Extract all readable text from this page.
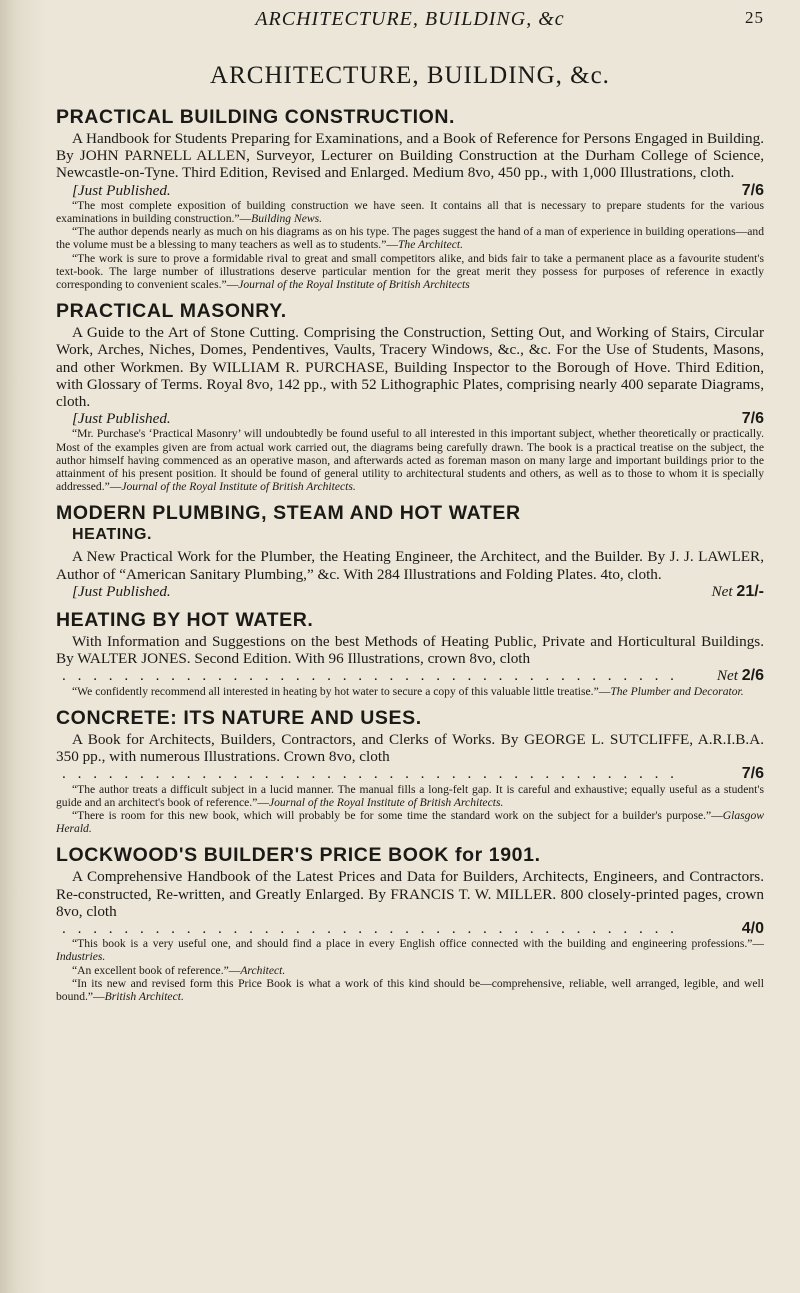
ARCHITECTURE, BUILDING, &c	25
ARCHITECTURE, BUILDING, &c.
PRACTICAL BUILDING CONSTRUCTION.

A Handbook for Students Preparing for Examinations, and a Book of Reference for Persons Engaged in Building. By JOHN PARNELL ALLEN, Surveyor, Lecturer on Building Construction at the Durham College of Science, Newcastle-on-Tyne. Third Edition, Revised and Enlarged. Medium 8vo, 450 pp., with 1,000 Illustrations, cloth.

[Just Published.	7/6

“The most complete exposition of building construction we have seen. It contains all that is necessary to prepare students for the various examinations in building construction.”—Building News.

“The author depends nearly as much on his diagrams as on his type. The pages suggest the hand of a man of experience in building operations—and the volume must be a blessing to many teachers as well as to students.”—The Architect.

“The work is sure to prove a formidable rival to great and small competitors alike, and bids fair to take a permanent place as a favourite student's text-book. The large number of illustrations deserve particular mention for the great merit they possess for purposes of reference in exactly corresponding to convenient scales.”—Journal of the Royal Institute of British Architects

PRACTICAL MASONRY.

A Guide to the Art of Stone Cutting. Comprising the Construction, Setting Out, and Working of Stairs, Circular Work, Arches, Niches, Domes, Pendentives, Vaults, Tracery Windows, &c., &c. For the Use of Students, Masons, and other Workmen. By WILLIAM R. PURCHASE, Building Inspector to the Borough of Hove. Third Edition, with Glossary of Terms. Royal 8vo, 142 pp., with 52 Lithographic Plates, comprising nearly 400 separate Diagrams, cloth.

[Just Published.	7/6

“Mr. Purchase's ‘Practical Masonry’ will undoubtedly be found useful to all interested in this important subject, whether theoretically or practically. Most of the examples given are from actual work carried out, the diagrams being carefully drawn. The book is a practical treatise on the subject, the author himself having commenced as an operative mason, and afterwards acted as foreman mason on many large and important buildings prior to the attainment of his present position. It should be found of general utility to architectural students and others, as well as to those to whom it is specially addressed.”—Journal of the Royal Institute of British Architects.

MODERN PLUMBING, STEAM AND HOT WATER
HEATING.

A New Practical Work for the Plumber, the Heating Engineer, the Architect, and the Builder. By J. J. LAWLER, Author of “American Sanitary Plumbing,” &c. With 284 Illustrations and Folding Plates. 4to, cloth.

[Just Published.	Net 21/-
HEATING BY HOT WATER.

With Information and Suggestions on the best Methods of Heating Public, Private and Horticultural Buildings. By WALTER JONES. Second Edition. With 96 Illustrations, crown 8vo, cloth

. . . . . . . . . . . . . . . . . . . . . . . . . . . . . . . . . . . . . . . .	Net 2/6

“We confidently recommend all interested in heating by hot water to secure a copy of this valuable little treatise.”—The Plumber and Decorator.

CONCRETE: ITS NATURE AND USES.

A Book for Architects, Builders, Contractors, and Clerks of Works. By GEORGE L. SUTCLIFFE, A.R.I.B.A. 350 pp., with numerous Illustrations. Crown 8vo, cloth

. . . . . . . . . . . . . . . . . . . . . . . . . . . . . . . . . . . . . . . .	7/6

“The author treats a difficult subject in a lucid manner. The manual fills a long-felt gap. It is careful and exhaustive; equally useful as a student's guide and an architect's book of reference.”—Journal of the Royal Institute of British Architects.

“There is room for this new book, which will probably be for some time the standard work on the subject for a builder's purpose.”—Glasgow Herald.

LOCKWOOD'S BUILDER'S PRICE BOOK for 1901.

A Comprehensive Handbook of the Latest Prices and Data for Builders, Architects, Engineers, and Contractors. Re-constructed, Re-written, and Greatly Enlarged. By FRANCIS T. W. MILLER. 800 closely-printed pages, crown 8vo, cloth

. . . . . . . . . . . . . . . . . . . . . . . . . . . . . . . . . . . . . . . .	4/0

“This book is a very useful one, and should find a place in every English office connected with the building and engineering professions.”—Industries.

“An excellent book of reference.”—Architect.

“In its new and revised form this Price Book is what a work of this kind should be—comprehensive, reliable, well arranged, legible, and well bound.”—British Architect.
